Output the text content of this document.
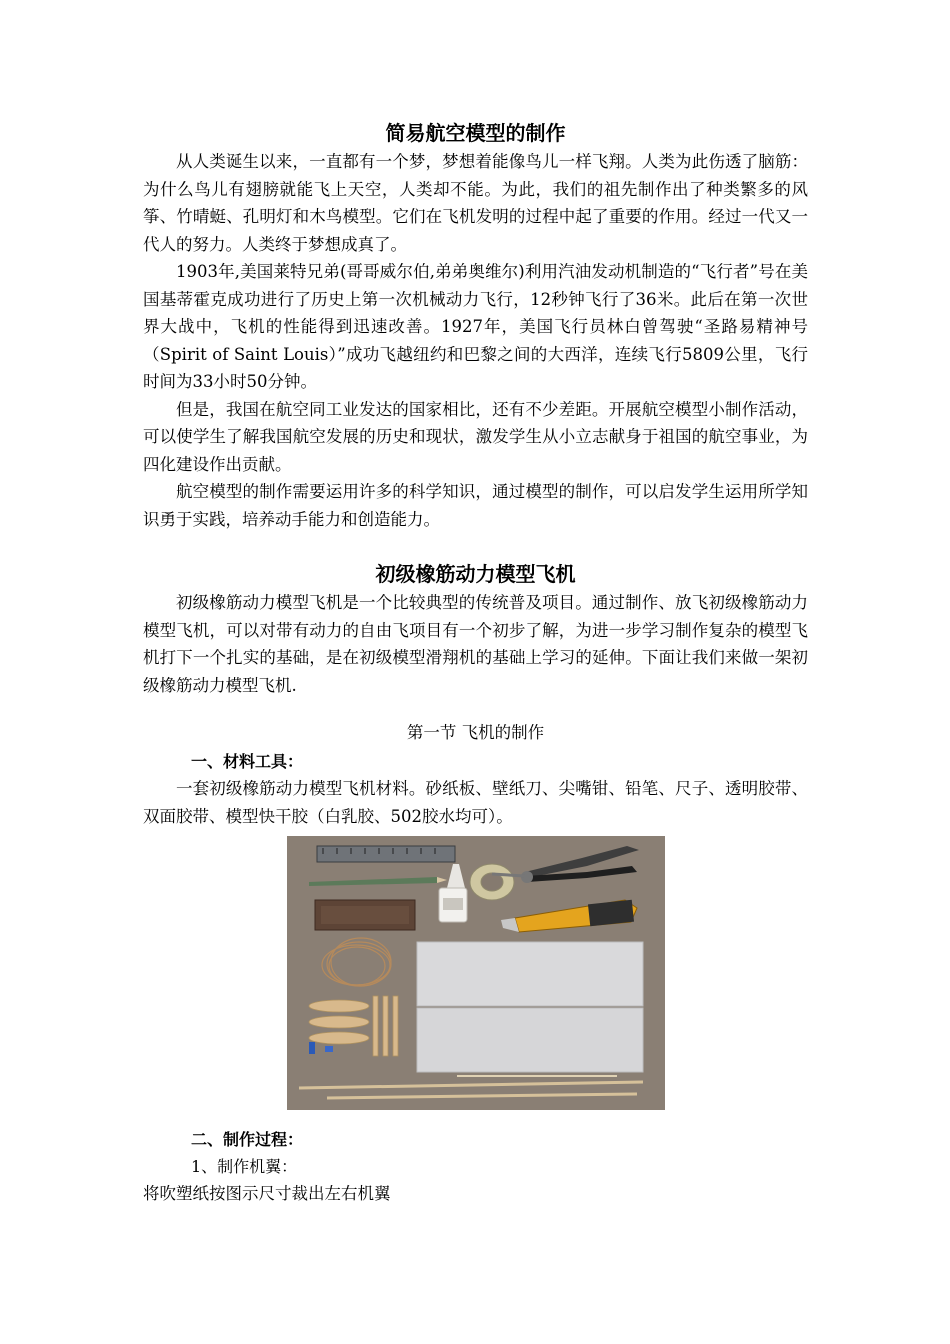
简易航空模型的制作

从人类诞生以来，一直都有一个梦，梦想着能像鸟儿一样飞翔。人类为此伤透了脑筋：为什么鸟儿有翅膀就能飞上天空，人类却不能。为此，我们的祖先制作出了种类繁多的风筝、竹晴蜓、孔明灯和木鸟模型。它们在飞机发明的过程中起了重要的作用。经过一代又一代人的努力。人类终于梦想成真了。

1903年,美国莱特兄弟(哥哥威尔伯,弟弟奥维尔)利用汽油发动机制造的“飞行者”号在美国基蒂霍克成功进行了历史上第一次机械动力飞行，12秒钟飞行了36米。此后在第一次世界大战中，飞机的性能得到迅速改善。1927年，美国飞行员林白曾驾驶“圣路易精神号（Spirit of Saint Louis）”成功飞越纽约和巴黎之间的大西洋，连续飞行5809公里，飞行时间为33小时50分钟。

但是，我国在航空同工业发达的国家相比，还有不少差距。开展航空模型小制作活动，可以使学生了解我国航空发展的历史和现状，激发学生从小立志献身于祖国的航空事业，为四化建设作出贡献。

航空模型的制作需要运用许多的科学知识，通过模型的制作，可以启发学生运用所学知识勇于实践，培养动手能力和创造能力。

初级橡筋动力模型飞机

初级橡筋动力模型飞机是一个比较典型的传统普及项目。通过制作、放飞初级橡筋动力模型飞机，可以对带有动力的自由飞项目有一个初步了解，为进一步学习制作复杂的模型飞机打下一个扎实的基础，是在初级模型滑翔机的基础上学习的延伸。下面让我们来做一架初级橡筋动力模型飞机.

第一节 飞机的制作

一、材料工具：

一套初级橡筋动力模型飞机材料。砂纸板、壁纸刀、尖嘴钳、铅笔、尺子、透明胶带、双面胶带、模型快干胶（白乳胶、502胶水均可）。

二、制作过程：

1、制作机翼：

将吹塑纸按图示尺寸裁出左右机翼
